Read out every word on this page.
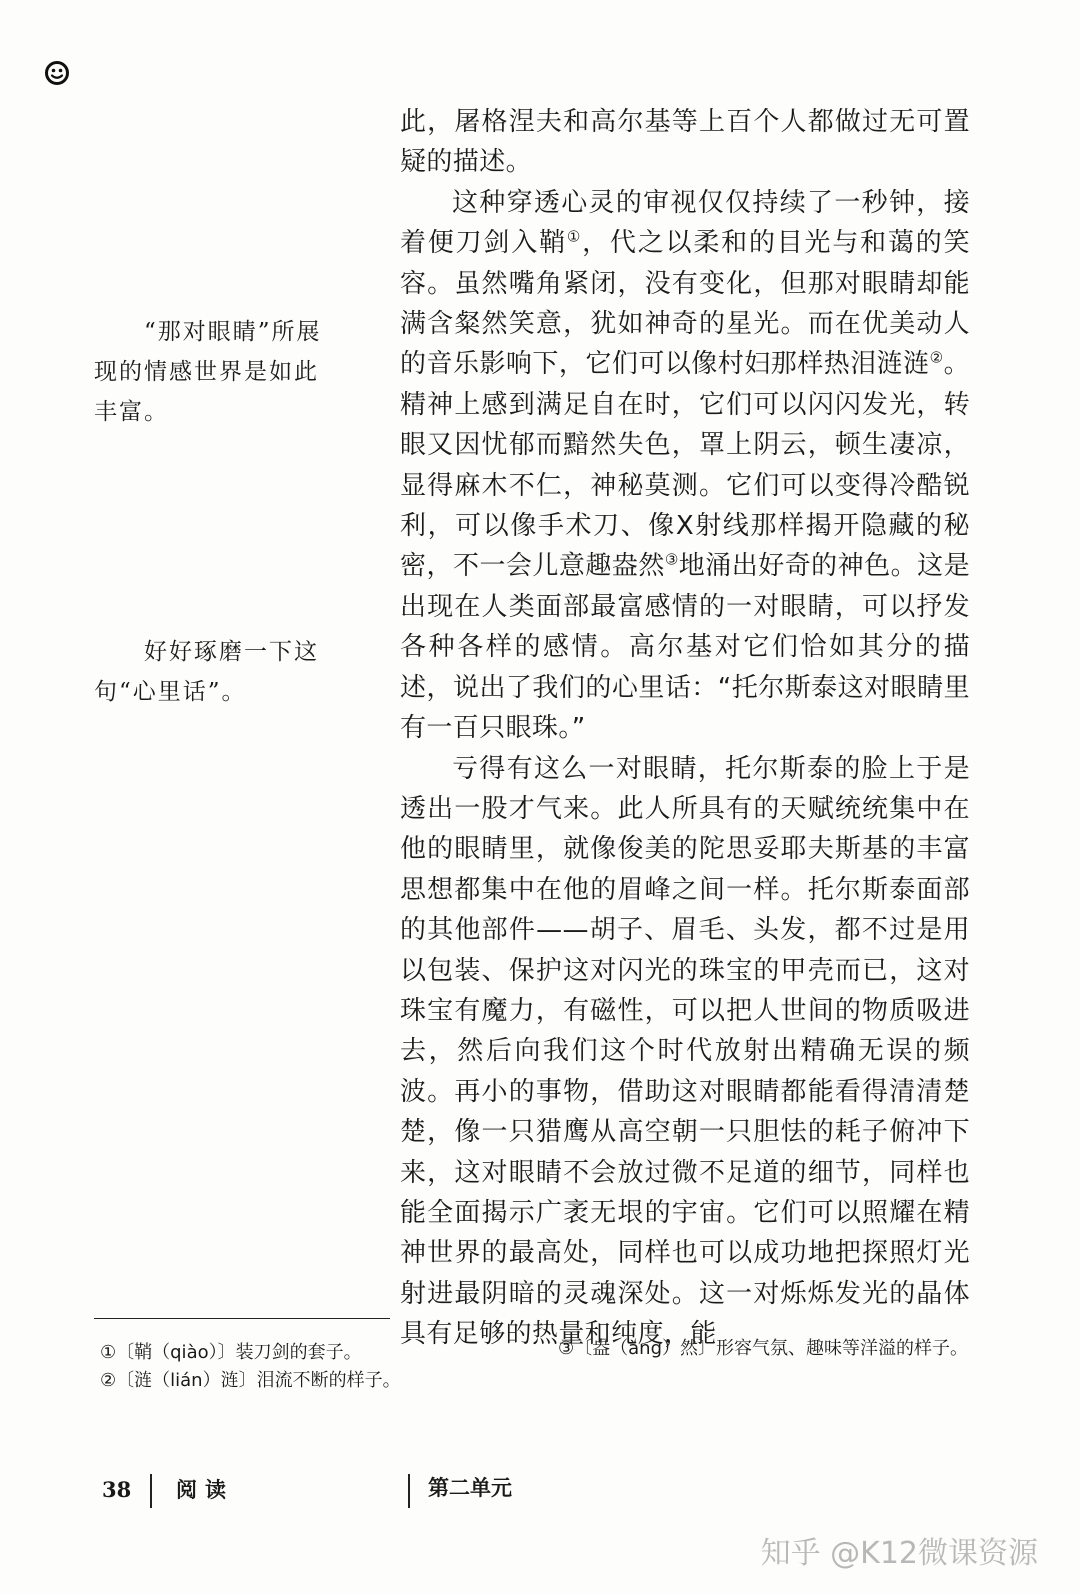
“那对眼睛”所展现的情感世界是如此丰富。
好好琢磨一下这句“心里话”。

此，屠格涅夫和高尔基等上百个人都做过无可置疑的描述。

这种穿透心灵的审视仅仅持续了一秒钟，接着便刀剑入鞘①，代之以柔和的目光与和蔼的笑容。虽然嘴角紧闭，没有变化，但那对眼睛却能满含粲然笑意，犹如神奇的星光。而在优美动人的音乐影响下，它们可以像村妇那样热泪涟涟②。精神上感到满足自在时，它们可以闪闪发光，转眼又因忧郁而黯然失色，罩上阴云，顿生凄凉，显得麻木不仁，神秘莫测。它们可以变得冷酷锐利，可以像手术刀、像X射线那样揭开隐藏的秘密，不一会儿意趣盎然③地涌出好奇的神色。这是出现在人类面部最富感情的一对眼睛，可以抒发各种各样的感情。高尔基对它们恰如其分的描述，说出了我们的心里话：“托尔斯泰这对眼睛里有一百只眼珠。”

亏得有这么一对眼睛，托尔斯泰的脸上于是透出一股才气来。此人所具有的天赋统统集中在他的眼睛里，就像俊美的陀思妥耶夫斯基的丰富思想都集中在他的眉峰之间一样。托尔斯泰面部的其他部件——胡子、眉毛、头发，都不过是用以包装、保护这对闪光的珠宝的甲壳而已，这对珠宝有魔力，有磁性，可以把人世间的物质吸进去，然后向我们这个时代放射出精确无误的频波。再小的事物，借助这对眼睛都能看得清清楚楚，像一只猎鹰从高空朝一只胆怯的耗子俯冲下来，这对眼睛不会放过微不足道的细节，同样也能全面揭示广袤无垠的宇宙。它们可以照耀在精神世界的最高处，同样也可以成功地把探照灯光射进最阴暗的灵魂深处。这一对烁烁发光的晶体具有足够的热量和纯度，能

①〔鞘（qiào）〕装刀剑的套子。
②〔涟（lián）涟〕泪流不断的样子。
③〔盎（àng）然〕形容气氛、趣味等洋溢的样子。
38 阅读	第二单元
知乎 @K12微课资源
